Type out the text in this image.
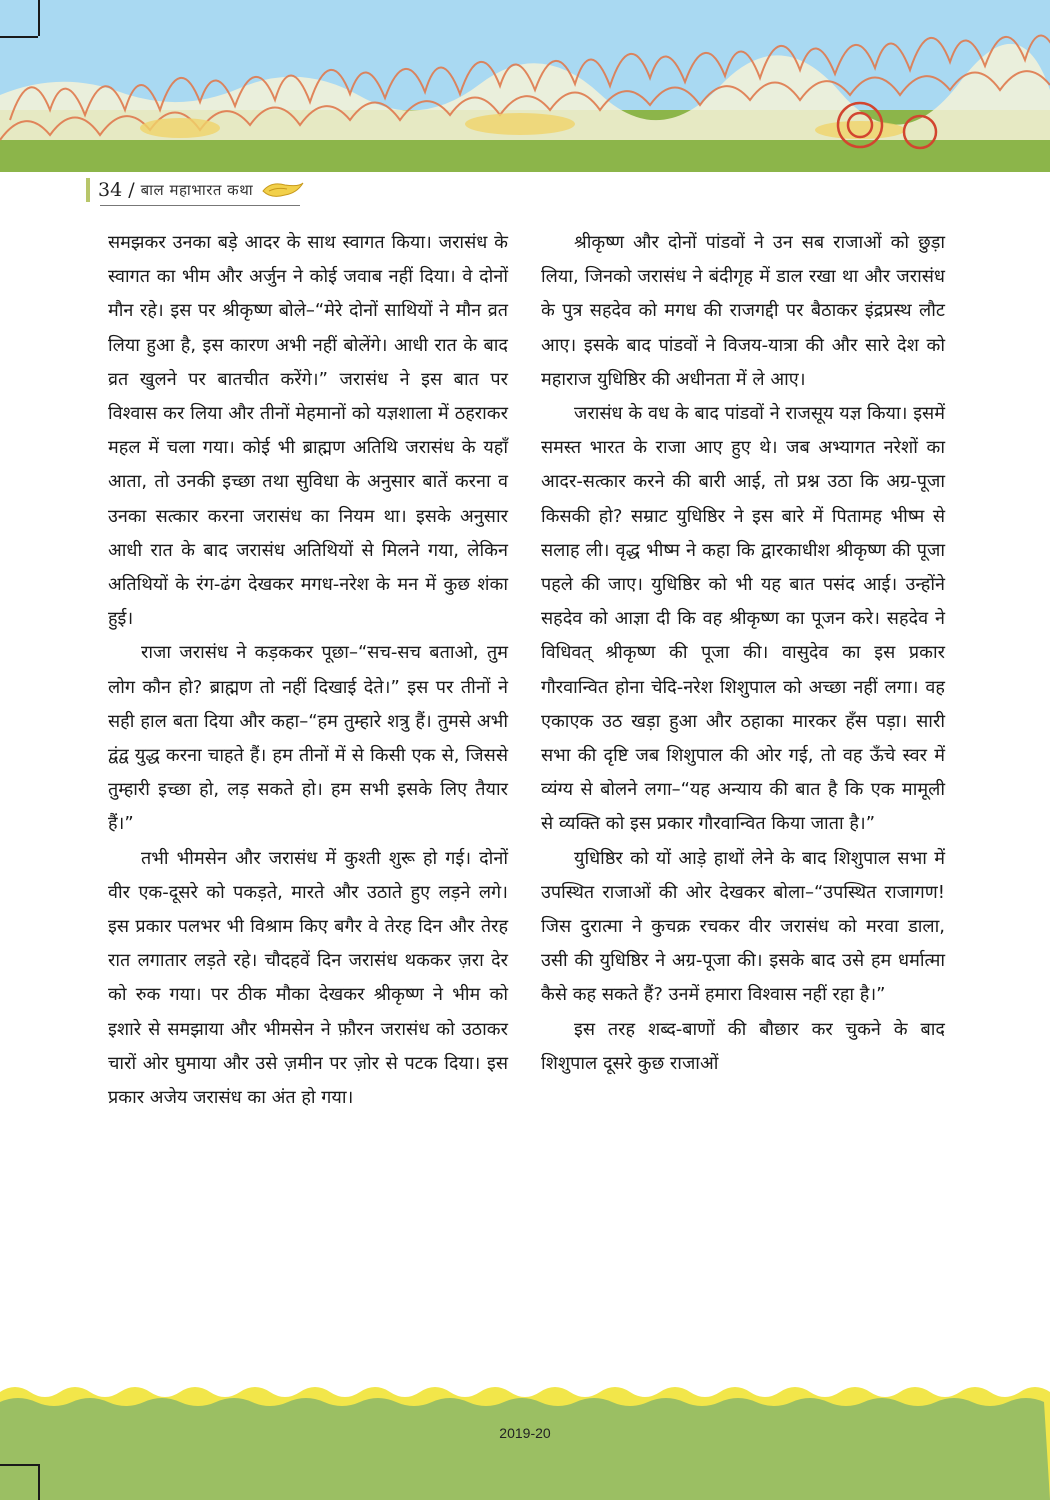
34 / बाल महाभारत कथा

समझकर उनका बड़े आदर के साथ स्वागत किया। जरासंध के स्वागत का भीम और अर्जुन ने कोई जवाब नहीं दिया। वे दोनों मौन रहे। इस पर श्रीकृष्ण बोले–“मेरे दोनों साथियों ने मौन व्रत लिया हुआ है, इस कारण अभी नहीं बोलेंगे। आधी रात के बाद व्रत खुलने पर बातचीत करेंगे।” जरासंध ने इस बात पर विश्वास कर लिया और तीनों मेहमानों को यज्ञशाला में ठहराकर महल में चला गया। कोई भी ब्राह्मण अतिथि जरासंध के यहाँ आता, तो उनकी इच्छा तथा सुविधा के अनुसार बातें करना व उनका सत्कार करना जरासंध का नियम था। इसके अनुसार आधी रात के बाद जरासंध अतिथियों से मिलने गया, लेकिन अतिथियों के रंग-ढंग देखकर मगध-नरेश के मन में कुछ शंका हुई।

राजा जरासंध ने कड़ककर पूछा–“सच-सच बताओ, तुम लोग कौन हो? ब्राह्मण तो नहीं दिखाई देते।” इस पर तीनों ने सही हाल बता दिया और कहा–“हम तुम्हारे शत्रु हैं। तुमसे अभी द्वंद्व युद्ध करना चाहते हैं। हम तीनों में से किसी एक से, जिससे तुम्हारी इच्छा हो, लड़ सकते हो। हम सभी इसके लिए तैयार हैं।”

तभी भीमसेन और जरासंध में कुश्ती शुरू हो गई। दोनों वीर एक-दूसरे को पकड़ते, मारते और उठाते हुए लड़ने लगे। इस प्रकार पलभर भी विश्राम किए बगैर वे तेरह दिन और तेरह रात लगातार लड़ते रहे। चौदहवें दिन जरासंध थककर ज़रा देर को रुक गया। पर ठीक मौका देखकर श्रीकृष्ण ने भीम को इशारे से समझाया और भीमसेन ने फ़ौरन जरासंध को उठाकर चारों ओर घुमाया और उसे ज़मीन पर ज़ोर से पटक दिया। इस प्रकार अजेय जरासंध का अंत हो गया।

श्रीकृष्ण और दोनों पांडवों ने उन सब राजाओं को छुड़ा लिया, जिनको जरासंध ने बंदीगृह में डाल रखा था और जरासंध के पुत्र सहदेव को मगध की राजगद्दी पर बैठाकर इंद्रप्रस्थ लौट आए। इसके बाद पांडवों ने विजय-यात्रा की और सारे देश को महाराज युधिष्ठिर की अधीनता में ले आए।

जरासंध के वध के बाद पांडवों ने राजसूय यज्ञ किया। इसमें समस्त भारत के राजा आए हुए थे। जब अभ्यागत नरेशों का आदर-सत्कार करने की बारी आई, तो प्रश्न उठा कि अग्र-पूजा किसकी हो? सम्राट युधिष्ठिर ने इस बारे में पितामह भीष्म से सलाह ली। वृद्ध भीष्म ने कहा कि द्वारकाधीश श्रीकृष्ण की पूजा पहले की जाए। युधिष्ठिर को भी यह बात पसंद आई। उन्होंने सहदेव को आज्ञा दी कि वह श्रीकृष्ण का पूजन करे। सहदेव ने विधिवत् श्रीकृष्ण की पूजा की। वासुदेव का इस प्रकार गौरवान्वित होना चेदि-नरेश शिशुपाल को अच्छा नहीं लगा। वह एकाएक उठ खड़ा हुआ और ठहाका मारकर हँस पड़ा। सारी सभा की दृष्टि जब शिशुपाल की ओर गई, तो वह ऊँचे स्वर में व्यंग्य से बोलने लगा–“यह अन्याय की बात है कि एक मामूली से व्यक्ति को इस प्रकार गौरवान्वित किया जाता है।”

युधिष्ठिर को यों आड़े हाथों लेने के बाद शिशुपाल सभा में उपस्थित राजाओं की ओर देखकर बोला–“उपस्थित राजागण! जिस दुरात्मा ने कुचक्र रचकर वीर जरासंध को मरवा डाला, उसी की युधिष्ठिर ने अग्र-पूजा की। इसके बाद उसे हम धर्मात्मा कैसे कह सकते हैं? उनमें हमारा विश्वास नहीं रहा है।”

इस तरह शब्द-बाणों की बौछार कर चुकने के बाद शिशुपाल दूसरे कुछ राजाओं

2019-20
